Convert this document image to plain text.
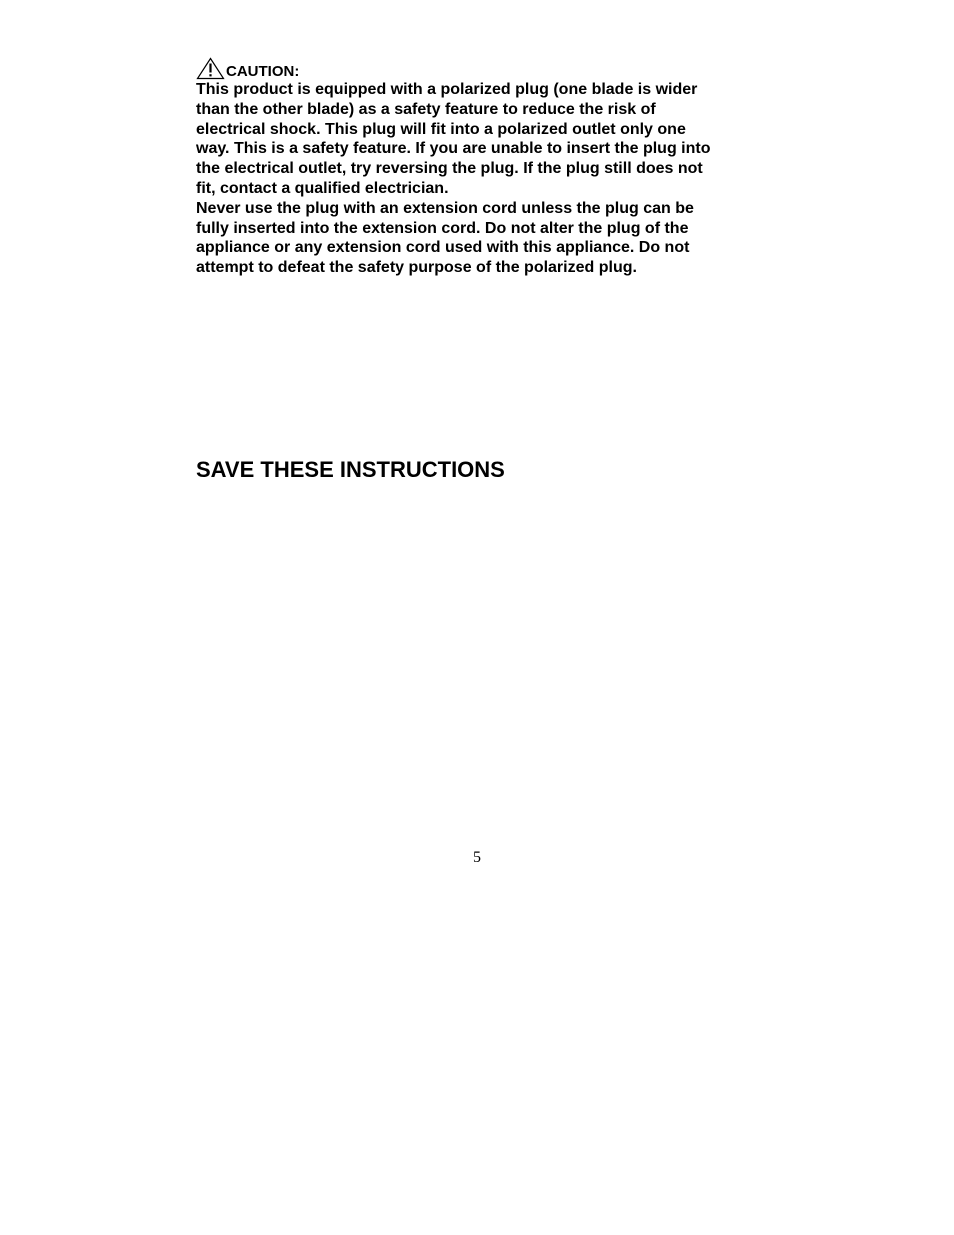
CAUTION:

This product is equipped with a polarized plug (one blade is wider
than the other blade) as a safety feature to reduce the risk of
electrical shock. This plug will fit into a polarized outlet only one
way. This is a safety feature. If you are unable to insert the plug into
the electrical outlet, try reversing the plug. If the plug still does not
fit, contact a qualified electrician.

Never use the plug with an extension cord unless the plug can be
fully inserted into the extension cord. Do not alter the plug of the
appliance or any extension cord used with this appliance. Do not
attempt to defeat the safety purpose of the polarized plug.

SAVE THESE INSTRUCTIONS
5
